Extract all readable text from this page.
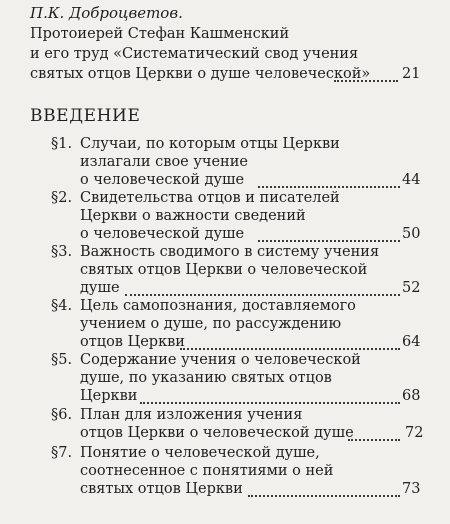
П.К. Доброцветов.
Протоиерей Стефан Кашменский
и его труд «Систематический свод учения
святых отцов Церкви о душе человеческой» 21
ВВЕДЕНИЕ
§1. Случаи, по которым отцы Церкви
излагали свое учение
о человеческой душе	44
§2. Свидетельства отцов и писателей
Церкви о важности сведений
о человеческой душе	50
§3. Важность сводимого в систему учения
святых отцов Церкви о человеческой
душе	52
§4. Цель самопознания, доставляемого
учением о душе, по рассуждению
отцов Церкви	64
§5. Содержание учения о человеческой
душе, по указанию святых отцов
Церкви	68
§6. План для изложения учения
отцов Церкви о человеческой душе	72
§7. Понятие о человеческой душе,
соотнесенное с понятиями о ней
святых отцов Церкви	73
